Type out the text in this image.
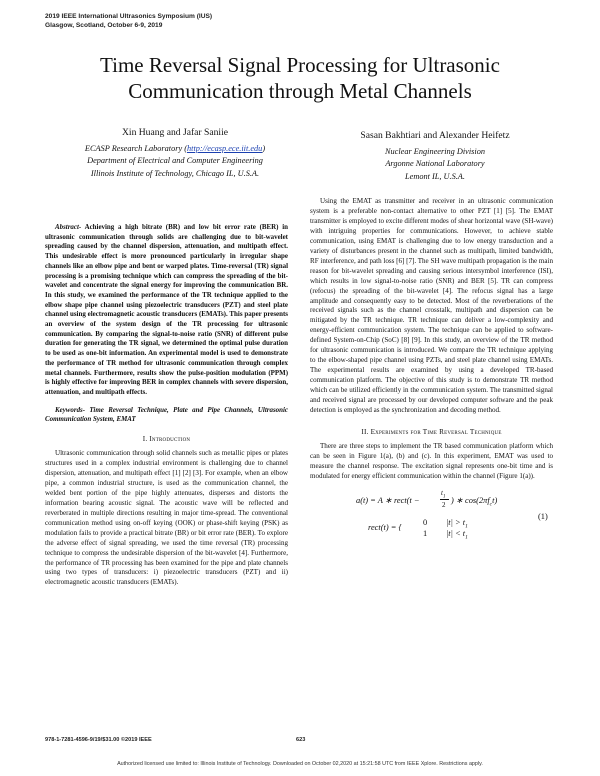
2019 IEEE International Ultrasonics Symposium (IUS)
Glasgow, Scotland, October 6-9, 2019
Time Reversal Signal Processing for Ultrasonic
Communication through Metal Channels
Xin Huang and Jafar Saniie
ECASP Research Laboratory (http://ecasp.ece.iit.edu)
Department of Electrical and Computer Engineering
Illinois Institute of Technology, Chicago IL, U.S.A.
Sasan Bakhtiari and Alexander Heifetz
Nuclear Engineering Division
Argonne National Laboratory
Lemont IL, U.S.A.

Abstract- Achieving a high bitrate (BR) and low bit error rate (BER) in ultrasonic communication through solids are challenging due to bit-wavelet spreading caused by the channel dispersion, attenuation, and multipath effect. This undesirable effect is more pronounced particularly in irregular shape channels like an elbow pipe and bent or warped plates. Time-reversal (TR) signal processing is a promising technique which can compress the spreading of the bit-wavelet and concentrate the signal energy for improving the communication BR. In this study, we examined the performance of the TR technique applied to the elbow shape pipe channel using piezoelectric transducers (PZT) and steel plate channel using electromagnetic acoustic transducers (EMATs). This paper presents an overview of the system design of the TR processing for ultrasonic communication. By comparing the signal-to-noise ratio (SNR) of different pulse duration for generating the TR signal, we determined the optimal pulse duration to be used as one-bit information. An experimental model is used to demonstrate the performance of TR method for ultrasonic communication through complex metal channels. Furthermore, results show the pulse-position modulation (PPM) is highly effective for improving BER in complex channels with severe dispersion, attenuation, and multipath effects.

Keywords- Time Reversal Technique, Plate and Pipe Channels, Ultrasonic Communication System, EMAT

I. Introduction

Ultrasonic communication through solid channels such as metallic pipes or plates structures used in a complex industrial environment is challenging due to channel dispersion, attenuation, and multipath effect [1] [2] [3]. For example, when an elbow pipe, a common industrial structure, is used as the communication channel, the welded bent portion of the pipe highly attenuates, disperses and distorts the information bearing acoustic signal. The acoustic wave will be reflected and reverberated in multiple directions resulting in major time-spread. The conventional communication method using on-off keying (OOK) or phase-shift keying (PSK) as modulation fails to provide a practical bitrate (BR) or bit error rate (BER). To explore the adverse effect of signal spreading, we used the time reversal (TR) processing technique to compress the undesirable dispersion of the bit-wavelet [4]. Furthermore, the performance of TR processing has been examined for the pipe and plate channels using two types of transducers: i) piezoelectric transducers (PZT) and ii) electromagnetic acoustic transducers (EMATs).

Using the EMAT as transmitter and receiver in an ultrasonic communication system is a preferable non-contact alternative to other PZT [1] [5]. The EMAT transmitter is employed to excite different modes of shear horizontal wave (SH-wave) with intriguing properties for communications. However, to achieve stable communication, using EMAT is challenging due to low energy transduction and a variety of disturbances present in the channel such as multipath, limited bandwidth, RF interference, and path loss [6] [7]. The SH wave multipath propagation is the main reason for bit-wavelet spreading and causing serious intersymbol interference (ISI), which results in low signal-to-noise ratio (SNR) and BER [5]. TR can compress (refocus) the spreading of the bit-wavelet [4]. The refocus signal has a large amplitude and consequently easy to be detected. Most of the reverberations of the received signals such as the channel crosstalk, multipath and dispersion can be mitigated by the TR technique. TR technique can deliver a low-complexity and energy-efficient communication system. The technique can be applied to software-defined System-on-Chip (SoC) [8] [9]. In this study, an overview of the TR method for ultrasonic communication is introduced. We compare the TR technique applying to the elbow-shaped pipe channel using PZTs, and steel plate channel using EMATs. The experimental results are examined by using a developed TR-based communication platform. The objective of this study is to demonstrate TR method which can be utilized efficiently in the communication system. The transmitted signal and received signal are processed by our developed computer software and the peak detection is employed as the synchronization and decoding method.

II. Experiments for Time Reversal Technique

There are three steps to implement the TR based communication platform which can be seen in Figure 1(a), (b) and (c). In this experiment, EMAT was used to measure the channel response. The excitation signal represents one-bit time and is modulated for energy efficient communication within the channel (Figure 1(a)).

a(t) = A ∗ rect(t −
$t_1$
2 ) ∗ $\cos(2\pi f_ct)$
rect(t) = {
0 $|t| > t_1$
1 $|t| < t_1$
(1)
978-1-7281-4596-9/19/$31.00 ©2019 IEEE	623
Authorized licensed use limited to: Illinois Institute of Technology. Downloaded on October 02,2020 at 15:21:58 UTC from IEEE Xplore. Restrictions apply.
